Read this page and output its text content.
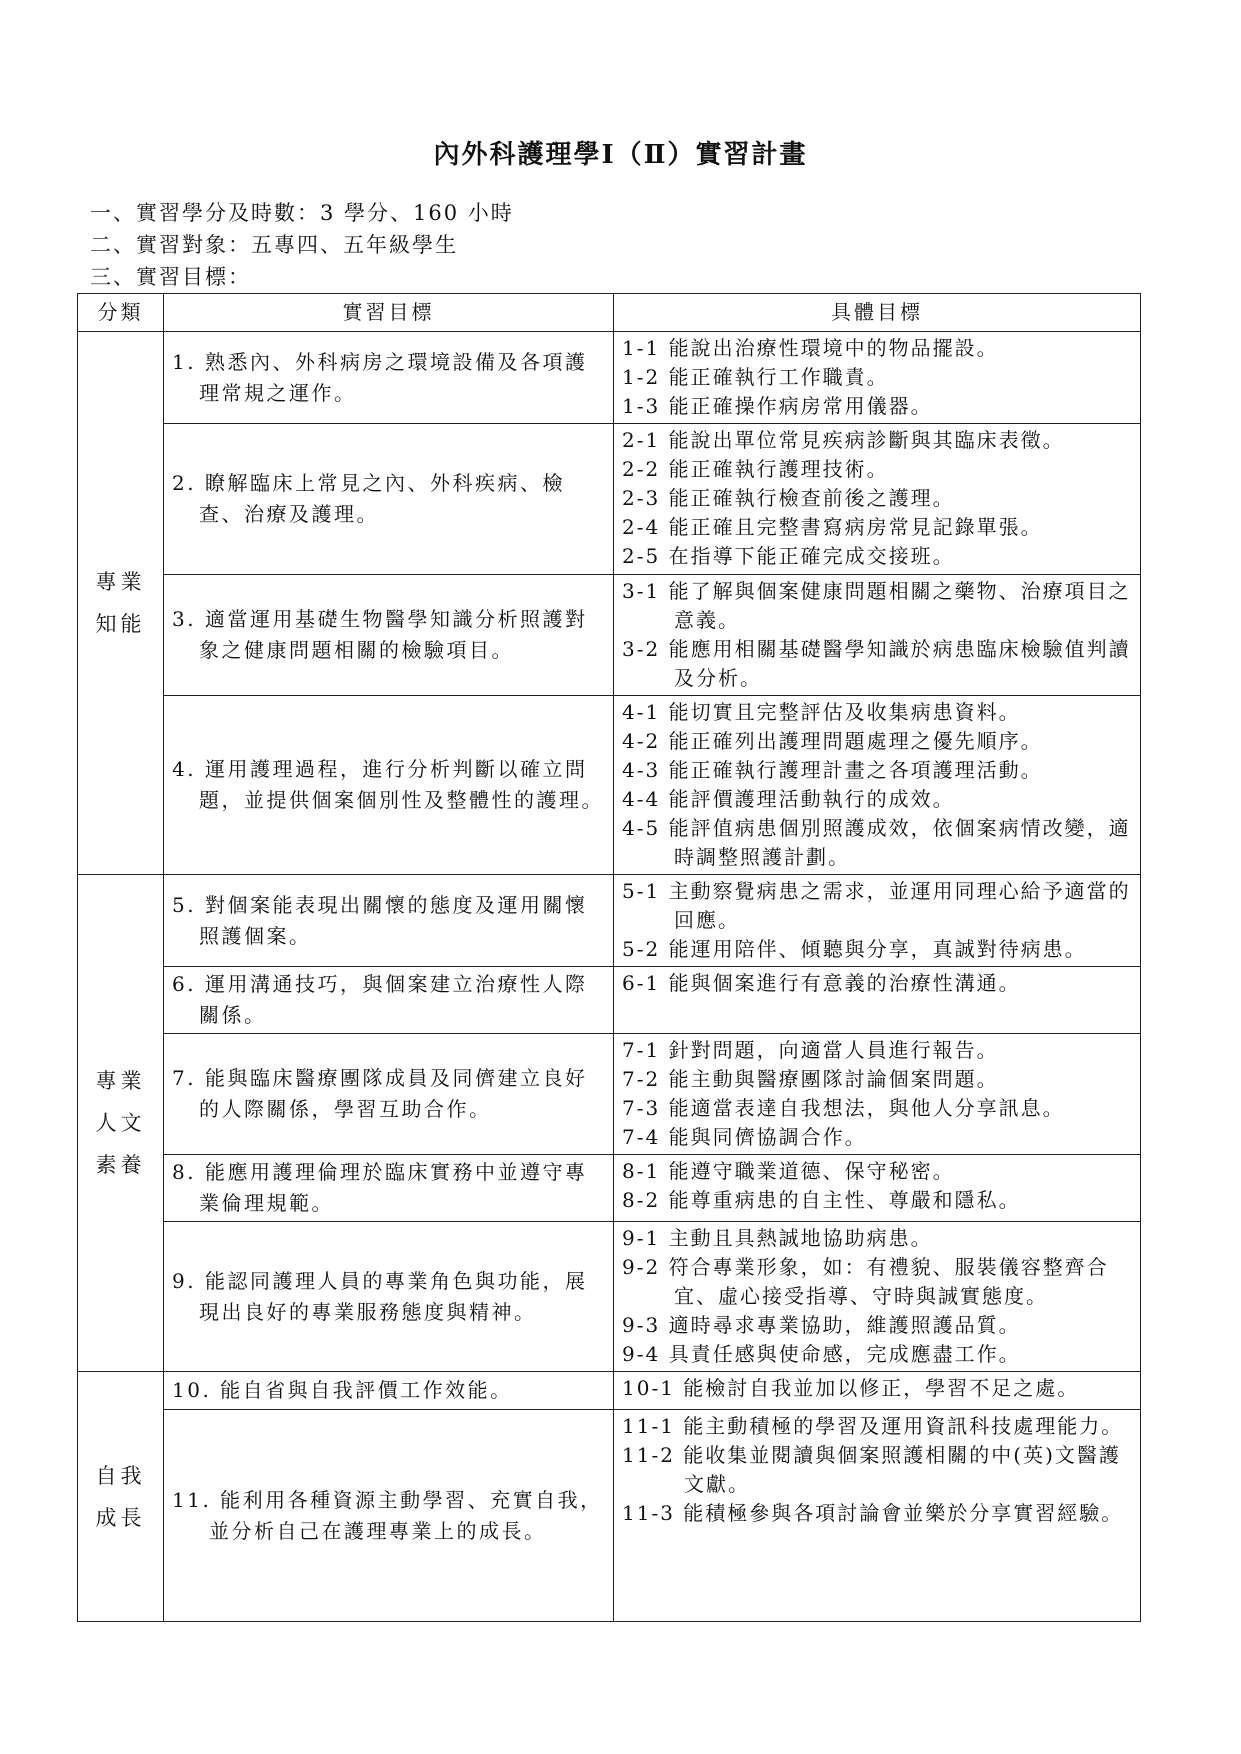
內外科護理學Ⅰ（Ⅱ）實習計畫
一、實習學分及時數：3 學分、160 小時
二、實習對象：五專四、五年級學生
三、實習目標：
分類	實習目標	具體目標
專業知能	1. 熟悉內、外科病房之環境設備及各項護理常規之運作。	1-1 能說出治療性環境中的物品擺設。
1-2 能正確執行工作職責。
1-3 能正確操作病房常用儀器。

	2. 瞭解臨床上常見之內、外科疾病、檢查、治療及護理。	2-1 能說出單位常見疾病診斷與其臨床表徵。
2-2 能正確執行護理技術。
2-3 能正確執行檢查前後之護理。
2-4 能正確且完整書寫病房常見記錄單張。
2-5 在指導下能正確完成交接班。

	3. 適當運用基礎生物醫學知識分析照護對象之健康問題相關的檢驗項目。	3-1 能了解與個案健康問題相關之藥物、治療項目之意義。
3-2 能應用相關基礎醫學知識於病患臨床檢驗值判讀及分析。

	4. 運用護理過程，進行分析判斷以確立問題，並提供個案個別性及整體性的護理。	4-1 能切實且完整評估及收集病患資料。
4-2 能正確列出護理問題處理之優先順序。
4-3 能正確執行護理計畫之各項護理活動。
4-4 能評價護理活動執行的成效。
4-5 能評值病患個別照護成效，依個案病情改變，適時調整照護計劃。

專業人文素養	5. 對個案能表現出關懷的態度及運用關懷照護個案。	5-1 主動察覺病患之需求，並運用同理心給予適當的回應。
5-2 能運用陪伴、傾聽與分享，真誠對待病患。

	6. 運用溝通技巧，與個案建立治療性人際關係。	6-1 能與個案進行有意義的治療性溝通。

	7. 能與臨床醫療團隊成員及同儕建立良好的人際關係，學習互助合作。	7-1 針對問題，向適當人員進行報告。
7-2 能主動與醫療團隊討論個案問題。
7-3 能適當表達自我想法，與他人分享訊息。
7-4 能與同儕協調合作。

	8. 能應用護理倫理於臨床實務中並遵守專業倫理規範。	8-1 能遵守職業道德、保守秘密。
8-2 能尊重病患的自主性、尊嚴和隱私。

	9. 能認同護理人員的專業角色與功能，展現出良好的專業服務態度與精神。	9-1 主動且具熱誠地協助病患。
9-2 符合專業形象，如：有禮貌、服裝儀容整齊合宜、虛心接受指導、守時與誠實態度。
9-3 適時尋求專業協助，維護照護品質。
9-4 具責任感與使命感，完成應盡工作。

自我成長	10. 能自省與自我評價工作效能。	10-1 能檢討自我並加以修正，學習不足之處。

	11. 能利用各種資源主動學習、充實自我，並分析自己在護理專業上的成長。	11-1 能主動積極的學習及運用資訊科技處理能力。
11-2 能收集並閱讀與個案照護相關的中(英)文醫護文獻。
11-3 能積極參與各項討論會並樂於分享實習經驗。
